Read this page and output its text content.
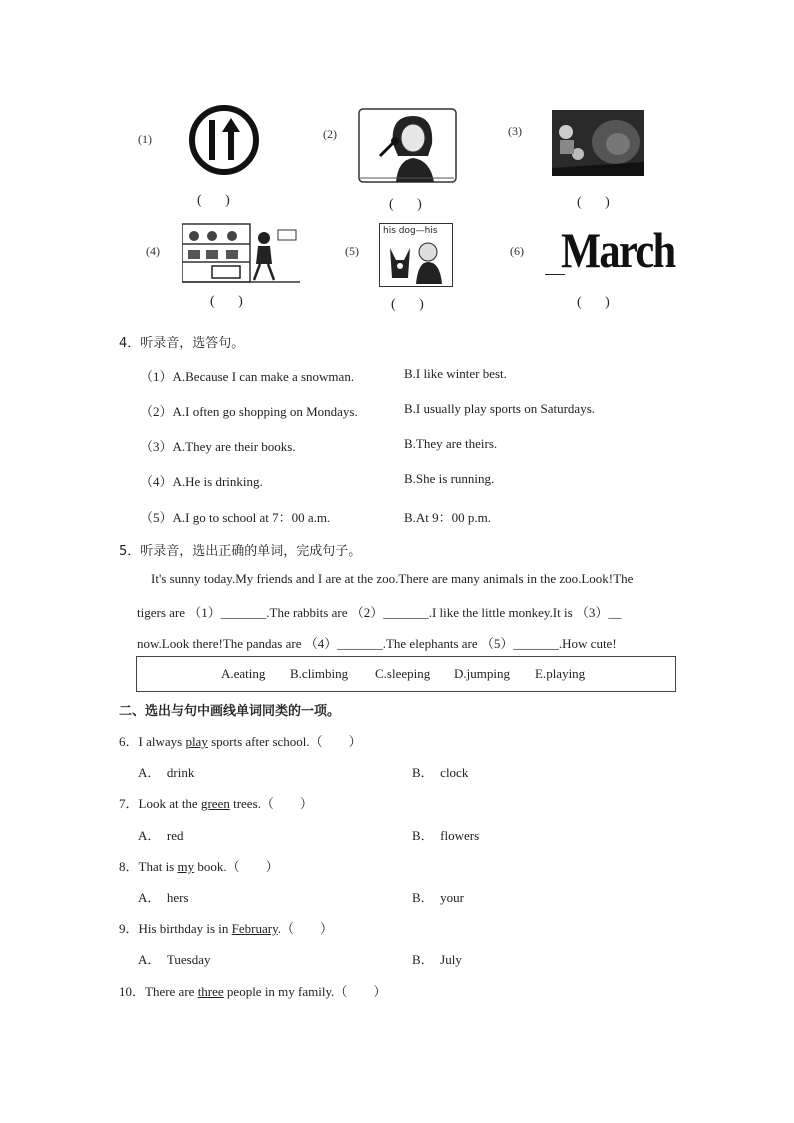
(1)
( )
(2)
( )
(3)
( )
(4)
( )
(5)
his dog—his
( )
(6) March
( )
4．听录音，选答句。
（1）A.Because I can make a snowman.	B.I like winter best.
（2）A.I often go shopping on Mondays.	B.I usually play sports on Saturdays.
（3）A.They are their books.	B.They are theirs.
（4）A.He is drinking.	B.She is running.
（5）A.I go to school at 7：00 a.m.	B.At 9：00 p.m.
5．听录音，选出正确的单词，完成句子。
It's sunny today.My friends and I are at the zoo.There are many animals in the zoo.Look!The
tigers are （1）_______.The rabbits are （2）_______.I like the little monkey.It is （3）__
now.Look there!The pandas are （4）_______.The elephants are （5）_______.How cute!
A.eating B.climbing C.sleeping D.jumping E.playing
二、选出与句中画线单词同类的一项。
6．I always play sports after school.（　　）
A．　drink	B．　clock
7．Look at the green trees.（　　）
A．　red	B．　flowers
8．That is my book.（　　）
A．　hers	B．　your
9．His birthday is in February.（　　）
A．　Tuesday	B．　July
10．There are three people in my family.（　　）
